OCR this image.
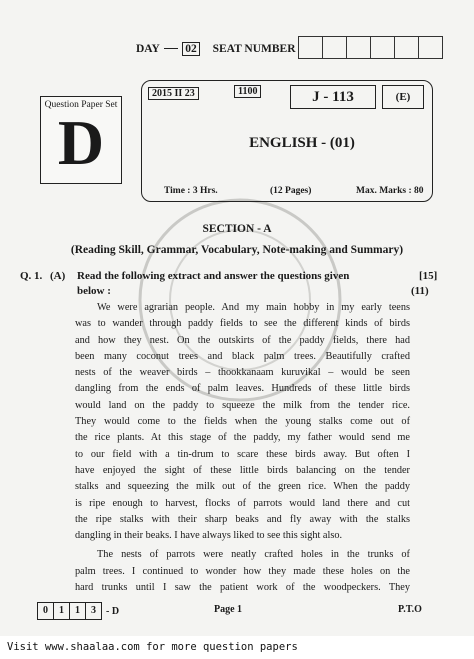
DAY 02 SEAT NUMBER
Question Paper Set
D
2015 II 23	1100	J - 113	(E)
ENGLISH - (01)
Time : 3 Hrs.	(12 Pages)	Max. Marks : 80
SECTION - A
(Reading Skill, Grammar, Vocabulary, Note-making and Summary)
Q. 1. (A) Read the following extract and answer the questions given
below :
[15]
(11)
We were agrarian people. And my main hobby in my early teens
was to wander through paddy fields to see the different kinds of birds
and how they nest. On the outskirts of the paddy fields, there had
been many coconut trees and black palm trees. Beautifully crafted
nests of the weaver birds – thookkanaam kuruvikal – would be seen
dangling from the ends of palm leaves. Hundreds of these little birds
would land on the paddy to squeeze the milk from the tender rice.
They would come to the fields when the young stalks come out of
the rice plants. At this stage of the paddy, my father would send me
to our field with a tin-drum to scare these birds away. But often I
have enjoyed the sight of these little birds balancing on the tender
stalks and squeezing the milk out of the green rice. When the paddy
is ripe enough to harvest, flocks of parrots would land there and cut
the ripe stalks with their sharp beaks and fly away with the stalks
dangling in their beaks. I have always liked to see this sight also.
The nests of parrots were neatly crafted holes in the trunks of
palm trees. I continued to wonder how they made these holes on the
hard trunks until I saw the patient work of the woodpeckers. They
0	1	1	3	- D	Page 1	P.T.O
Visit www.shaalaa.com for more question papers
